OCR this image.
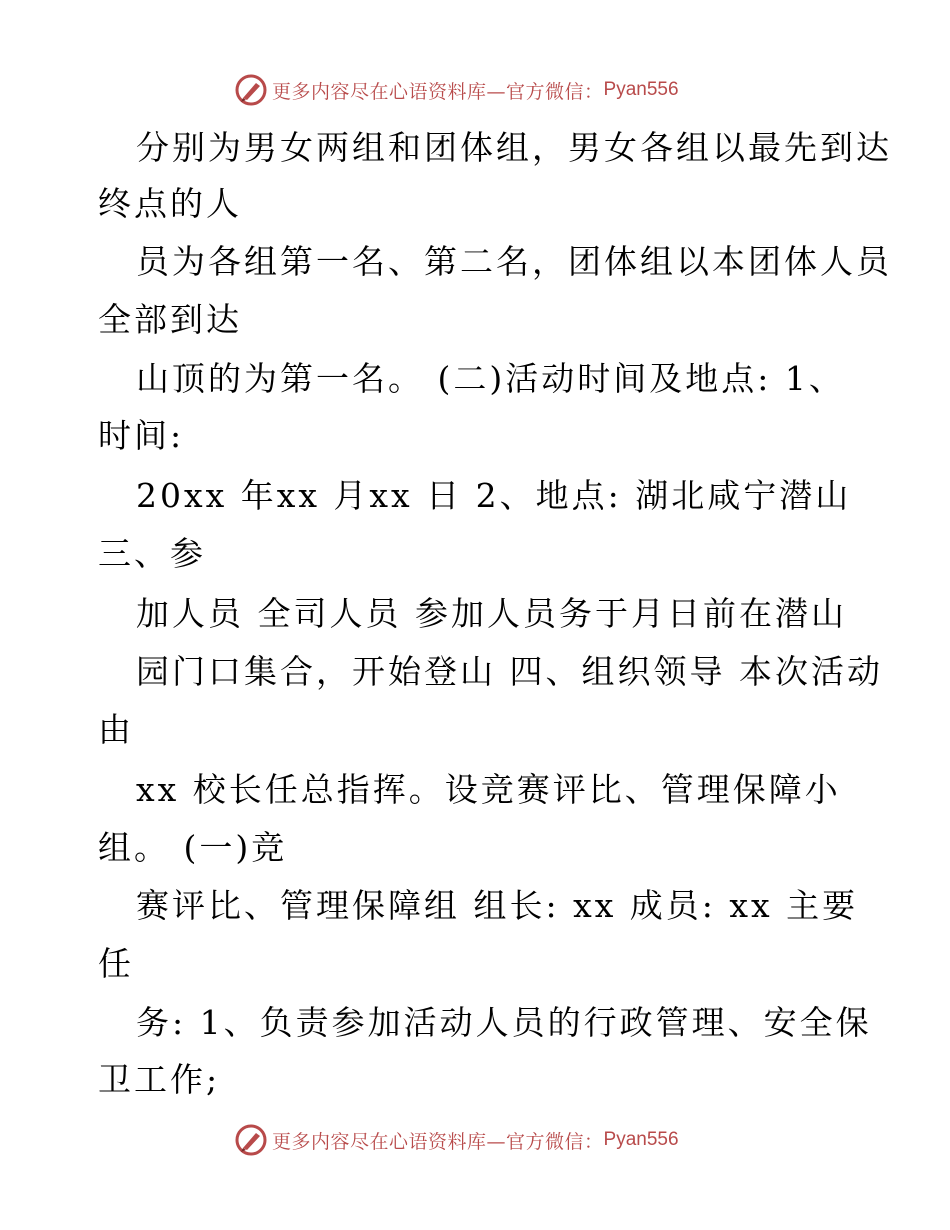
更多内容尽在心语资料库—官方微信： Pyan556
分别为男女两组和团体组，男女各组以最先到达
终点的人
员为各组第一名、第二名，团体组以本团体人员
全部到达
山顶的为第一名。 (二)活动时间及地点: 1、
时间:
20xx 年xx 月xx 日 2、地点: 湖北咸宁潜山
三、参
加人员 全司人员 参加人员务于月日前在潜山
园门口集合，开始登山 四、组织领导 本次活动
由
xx 校长任总指挥。设竞赛评比、管理保障小
组。 (一)竞
赛评比、管理保障组 组长: xx 成员: xx 主要
任
务: 1、负责参加活动人员的行政管理、安全保
卫工作;
更多内容尽在心语资料库—官方微信： Pyan556
